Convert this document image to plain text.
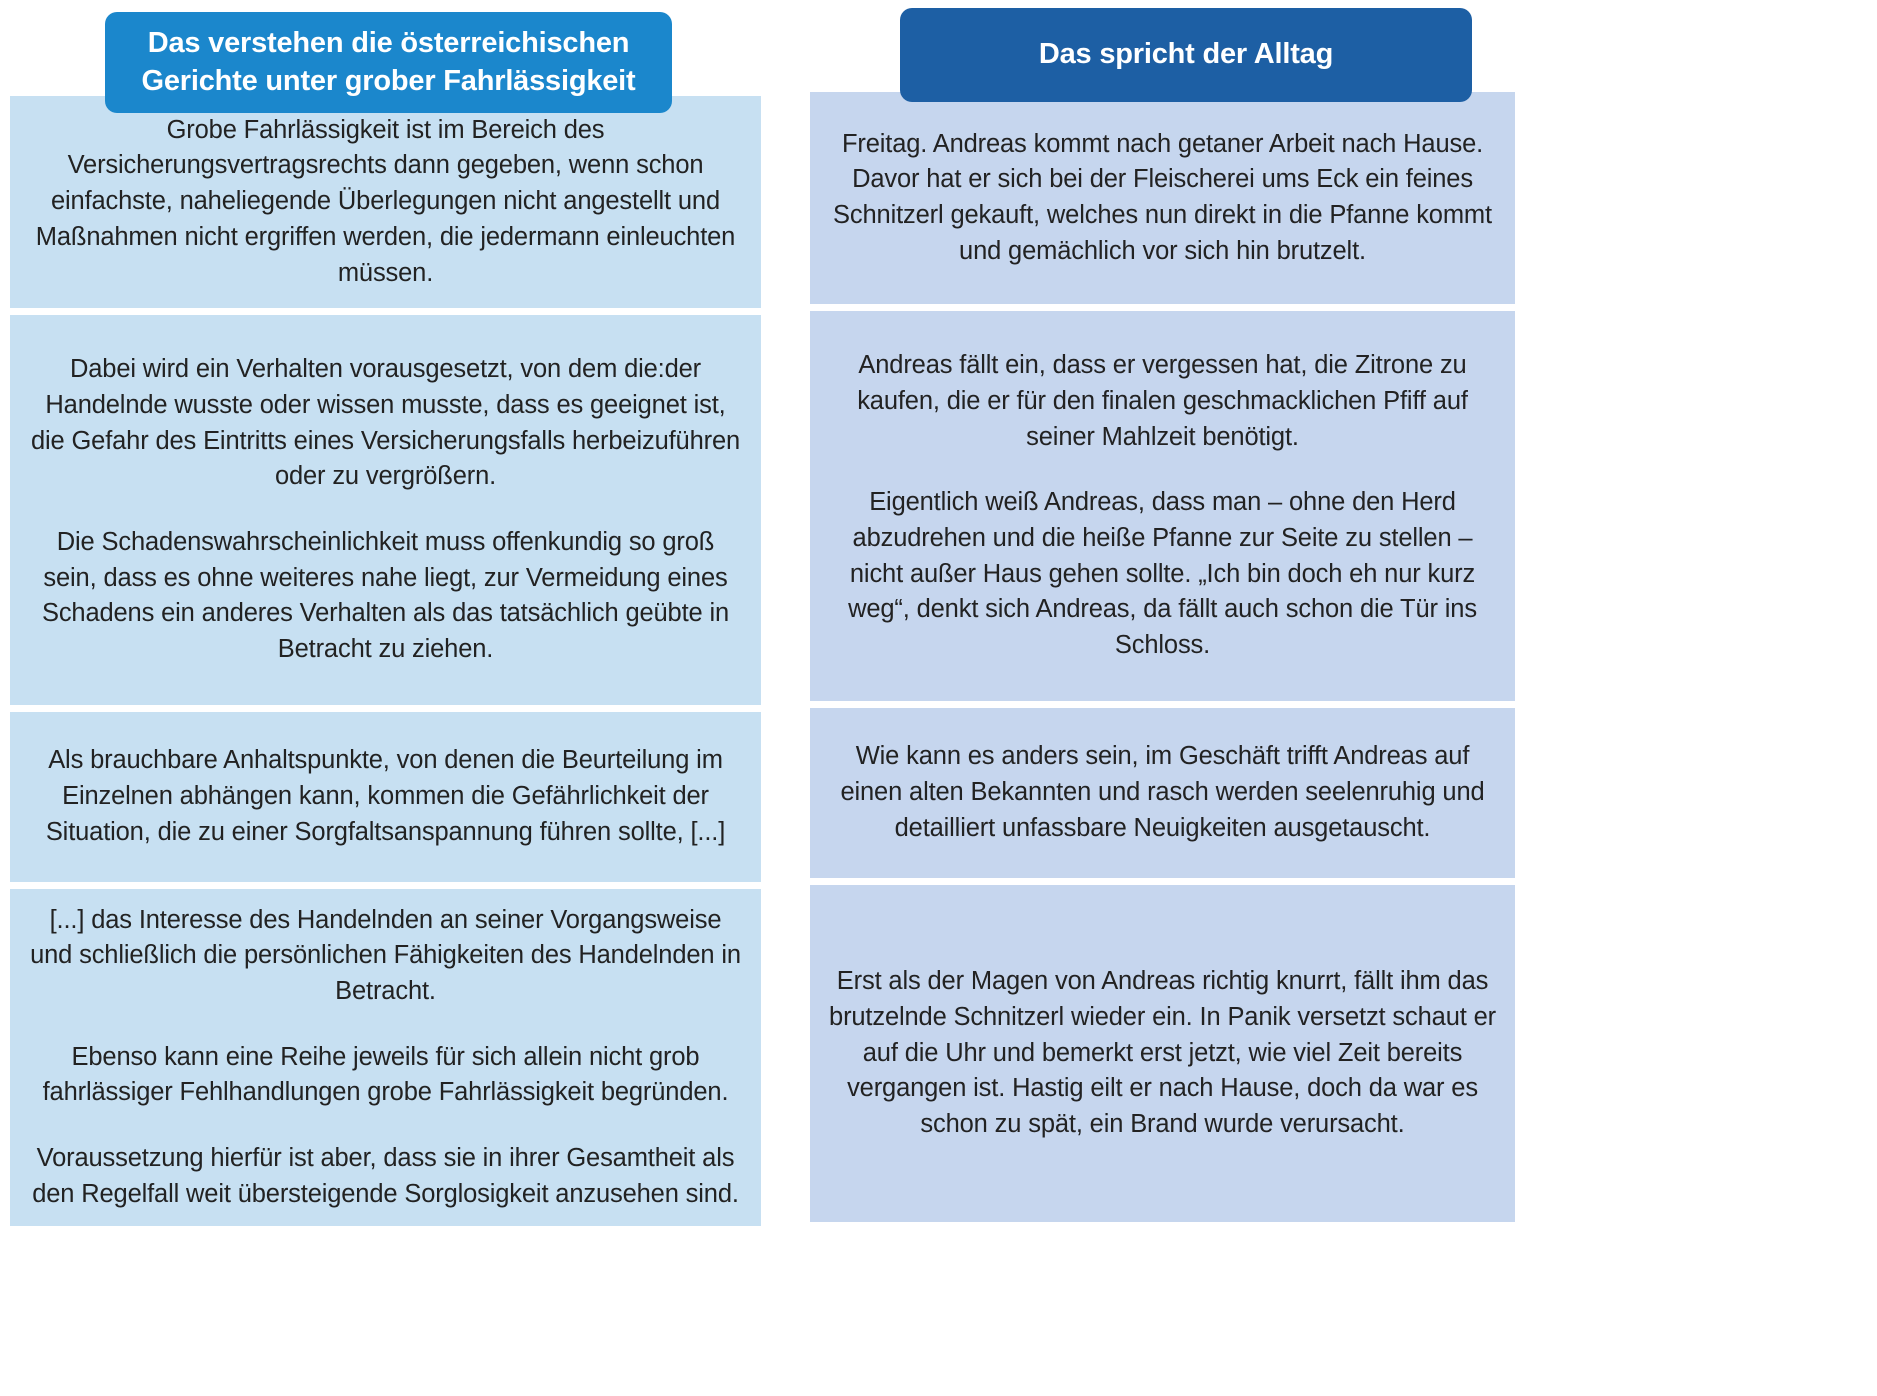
Grobe Fahrlässigkeit ist im Bereich des Versicherungsvertragsrechts dann gegeben, wenn schon einfachste, naheliegende Überlegungen nicht angestellt und Maßnahmen nicht ergriffen werden, die jedermann einleuchten müssen.

Dabei wird ein Verhalten vorausgesetzt, von dem die:der Handelnde wusste oder wissen musste, dass es geeignet ist, die Gefahr des Eintritts eines Versicherungsfalls herbeizuführen oder zu vergrößern.

Die Schadenswahrscheinlichkeit muss offenkundig so groß sein, dass es ohne weiteres nahe liegt, zur Vermeidung eines Schadens ein anderes Verhalten als das tatsächlich geübte in Betracht zu ziehen.

Als brauchbare Anhaltspunkte, von denen die Beurteilung im Einzelnen abhängen kann, kommen die Gefährlichkeit der Situation, die zu einer Sorgfaltsanspannung führen sollte, [...]

[...] das Interesse des Handelnden an seiner Vorgangsweise und schließlich die persönlichen Fähigkeiten des Handelnden in Betracht.

Ebenso kann eine Reihe jeweils für sich allein nicht grob fahrlässiger Fehlhandlungen grobe Fahrlässigkeit begründen.

Voraussetzung hierfür ist aber, dass sie in ihrer Gesamtheit als den Regelfall weit übersteigende Sorglosigkeit anzusehen sind.

Freitag. Andreas kommt nach getaner Arbeit nach Hause. Davor hat er sich bei der Fleischerei ums Eck ein feines Schnitzerl gekauft, welches nun direkt in die Pfanne kommt und gemächlich vor sich hin brutzelt.

Andreas fällt ein, dass er vergessen hat, die Zitrone zu kaufen, die er für den finalen geschmacklichen Pfiff auf seiner Mahlzeit benötigt.

Eigentlich weiß Andreas, dass man – ohne den Herd abzudrehen und die heiße Pfanne zur Seite zu stellen – nicht außer Haus gehen sollte. „Ich bin doch eh nur kurz weg“, denkt sich Andreas, da fällt auch schon die Tür ins Schloss.

Wie kann es anders sein, im Geschäft trifft Andreas auf einen alten Bekannten und rasch werden seelenruhig und detailliert unfassbare Neuigkeiten ausgetauscht.

Erst als der Magen von Andreas richtig knurrt, fällt ihm das brutzelnde Schnitzerl wieder ein. In Panik versetzt schaut er auf die Uhr und bemerkt erst jetzt, wie viel Zeit bereits vergangen ist. Hastig eilt er nach Hause, doch da war es schon zu spät, ein Brand wurde verursacht.

Das verstehen die österreichischen Gerichte unter grober Fahrlässigkeit
Das spricht der Alltag
